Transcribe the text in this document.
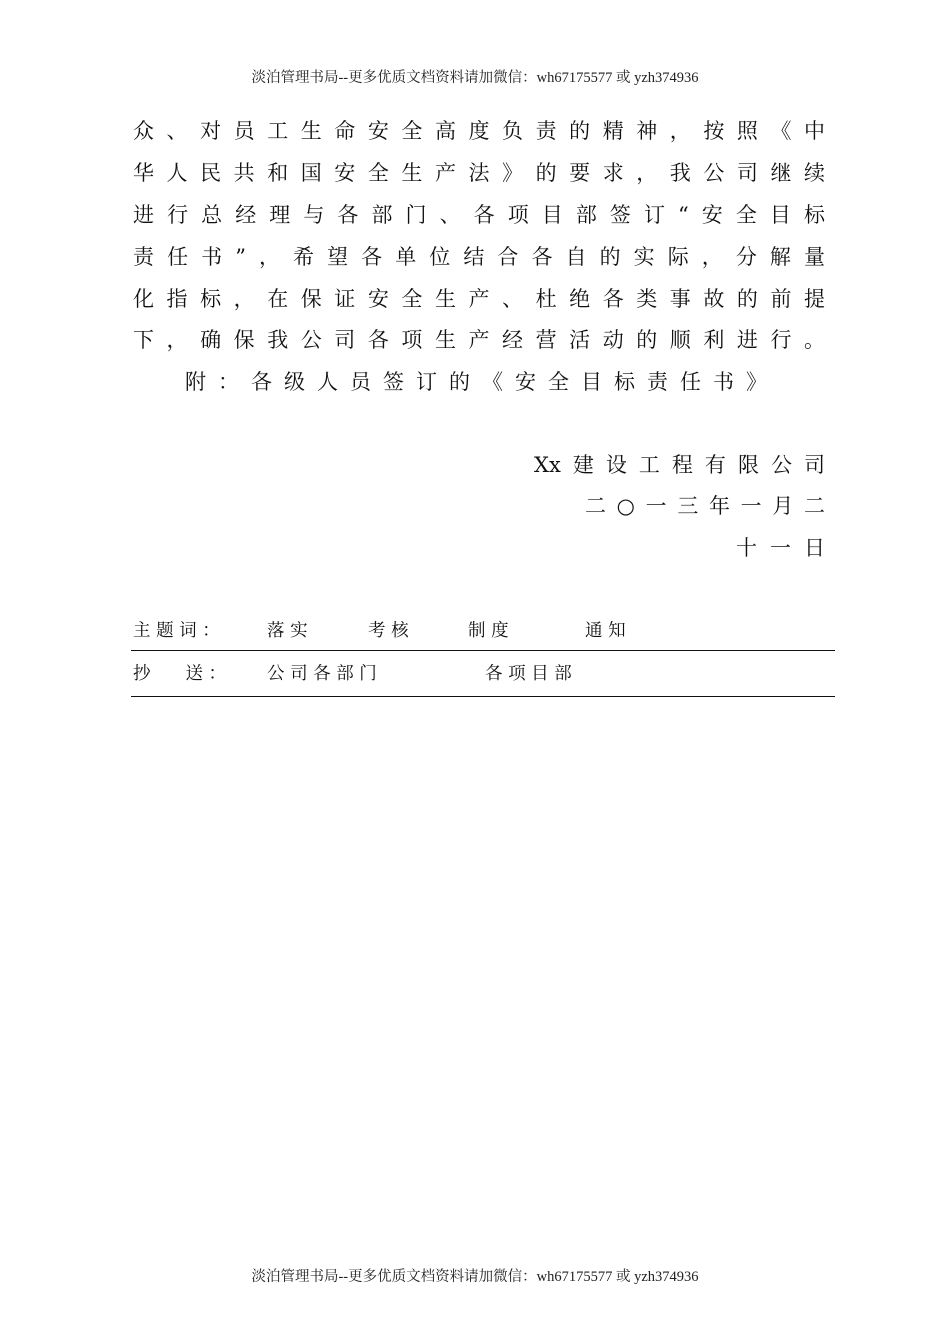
淡泊管理书局--更多优质文档资料请加微信：wh67175577 或 yzh374936
众、对员工生命安全高度负责的精神，按照《中
华人民共和国安全生产法》的要求，我公司继续
进行总经理与各部门、各项目部签订“安全目标
责任书”，希望各单位结合各自的实际，分解量
化指标，在保证安全生产、杜绝各类事故的前提
下，确保我公司各项生产经营活动的顺利进行。
附：各级人员签订的《安全目标责任书》
Xx建设工程有限公司
二○一三年一月二
十一日
主 题 词 ：	落 实	考 核	制 度	通 知
抄　　送 ： 公 司 各 部 门	各 项 目 部
淡泊管理书局--更多优质文档资料请加微信：wh67175577 或 yzh374936
